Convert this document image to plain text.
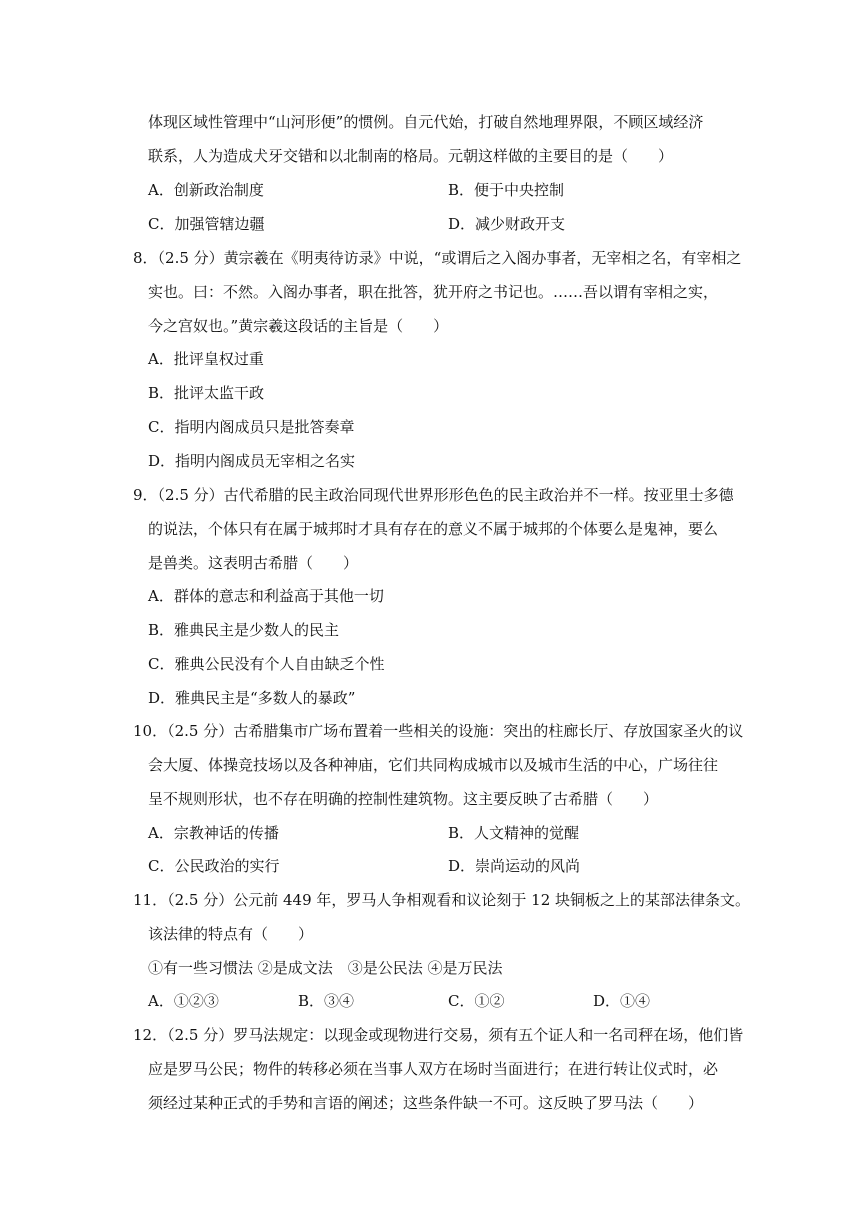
体现区域性管理中“山河形便”的惯例。自元代始，打破自然地理界限，不顾区域经济
联系，人为造成犬牙交错和以北制南的格局。元朝这样做的主要目的是（　　）
A．创新政治制度	B．便于中央控制
C．加强管辖边疆	D．减少财政开支
8．（2.5 分）黄宗羲在《明夷待访录》中说，“或谓后之入阁办事者，无宰相之名，有宰相之
实也。曰：不然。入阁办事者，职在批答，犹开府之书记也。……吾以谓有宰相之实，
今之宫奴也。”黄宗羲这段话的主旨是（　　）
A．批评皇权过重
B．批评太监干政
C．指明内阁成员只是批答奏章
D．指明内阁成员无宰相之名实
9．（2.5 分）古代希腊的民主政治同现代世界形形色色的民主政治并不一样。按亚里士多德
的说法，个体只有在属于城邦时才具有存在的意义不属于城邦的个体要么是鬼神，要么
是兽类。这表明古希腊（　　）
A．群体的意志和利益高于其他一切
B．雅典民主是少数人的民主
C．雅典公民没有个人自由缺乏个性
D．雅典民主是“多数人的暴政”
10．（2.5 分）古希腊集市广场布置着一些相关的设施：突出的柱廊长厅、存放国家圣火的议
会大厦、体操竞技场以及各种神庙，它们共同构成城市以及城市生活的中心，广场往往
呈不规则形状，也不存在明确的控制性建筑物。这主要反映了古希腊（　　）
A．宗教神话的传播	B．人文精神的觉醒
C．公民政治的实行	D．崇尚运动的风尚
11．（2.5 分）公元前 449 年，罗马人争相观看和议论刻于 12 块铜板之上的某部法律条文。
该法律的特点有（　　）
①有一些习惯法 ②是成文法　③是公民法 ④是万民法
A．①②③	B．③④	C．①②	D．①④
12．（2.5 分）罗马法规定：以现金或现物进行交易，须有五个证人和一名司秤在场，他们皆
应是罗马公民；物件的转移必须在当事人双方在场时当面进行；在进行转让仪式时，必
须经过某种正式的手势和言语的阐述；这些条件缺一不可。这反映了罗马法（　　）
